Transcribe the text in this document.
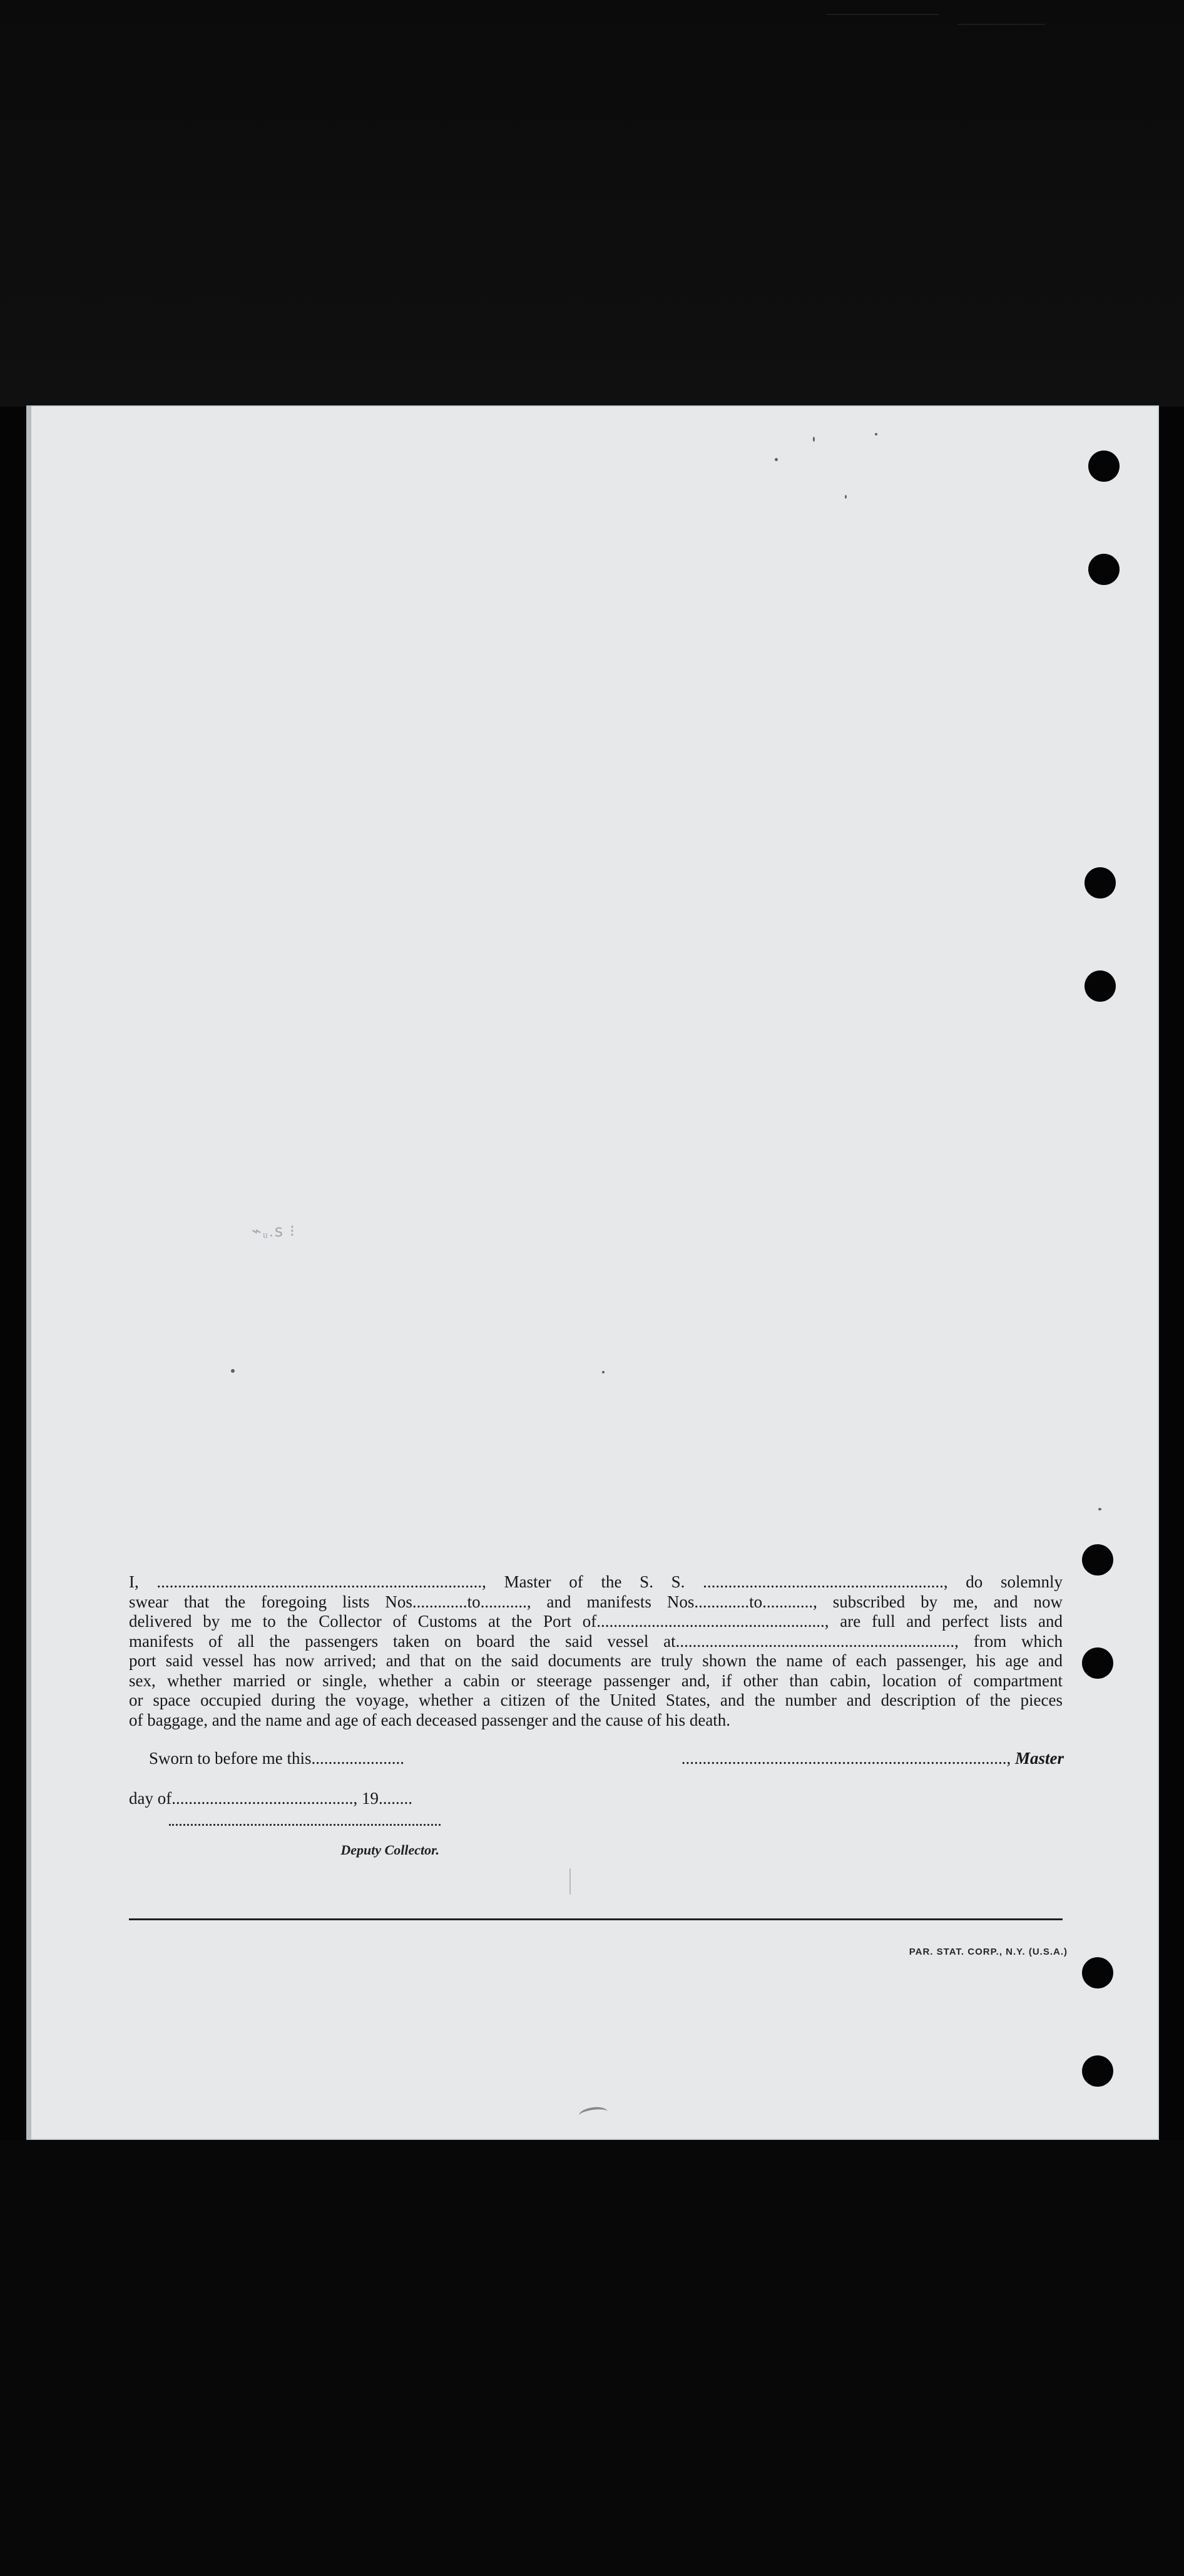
⌁ᵤ.ꜱ ⁝
I, ............................................................................., Master of the S. S. ........................................................., do solemnly
swear that the foregoing lists Nos.............to..........., and manifests Nos.............to............, subscribed by me, and now
delivered by me to the Collector of Customs at the Port of......................................................, are full and perfect lists and
manifests of all the passengers taken on board the said vessel at.................................................................., from which
port said vessel has now arrived; and that on the said documents are truly shown the name of each passenger, his age and
sex, whether married or single, whether a cabin or steerage passenger and, if other than cabin, location of compartment
or space occupied during the voyage, whether a citizen of the United States, and the number and description of the pieces
of baggage, and the name and age of each deceased passenger and the cause of his death.
Sworn to before me this......................	............................................................................., Master
day of..........................................., 19........
Deputy Collector.
PAR. STAT. CORP., N.Y. (U.S.A.)
